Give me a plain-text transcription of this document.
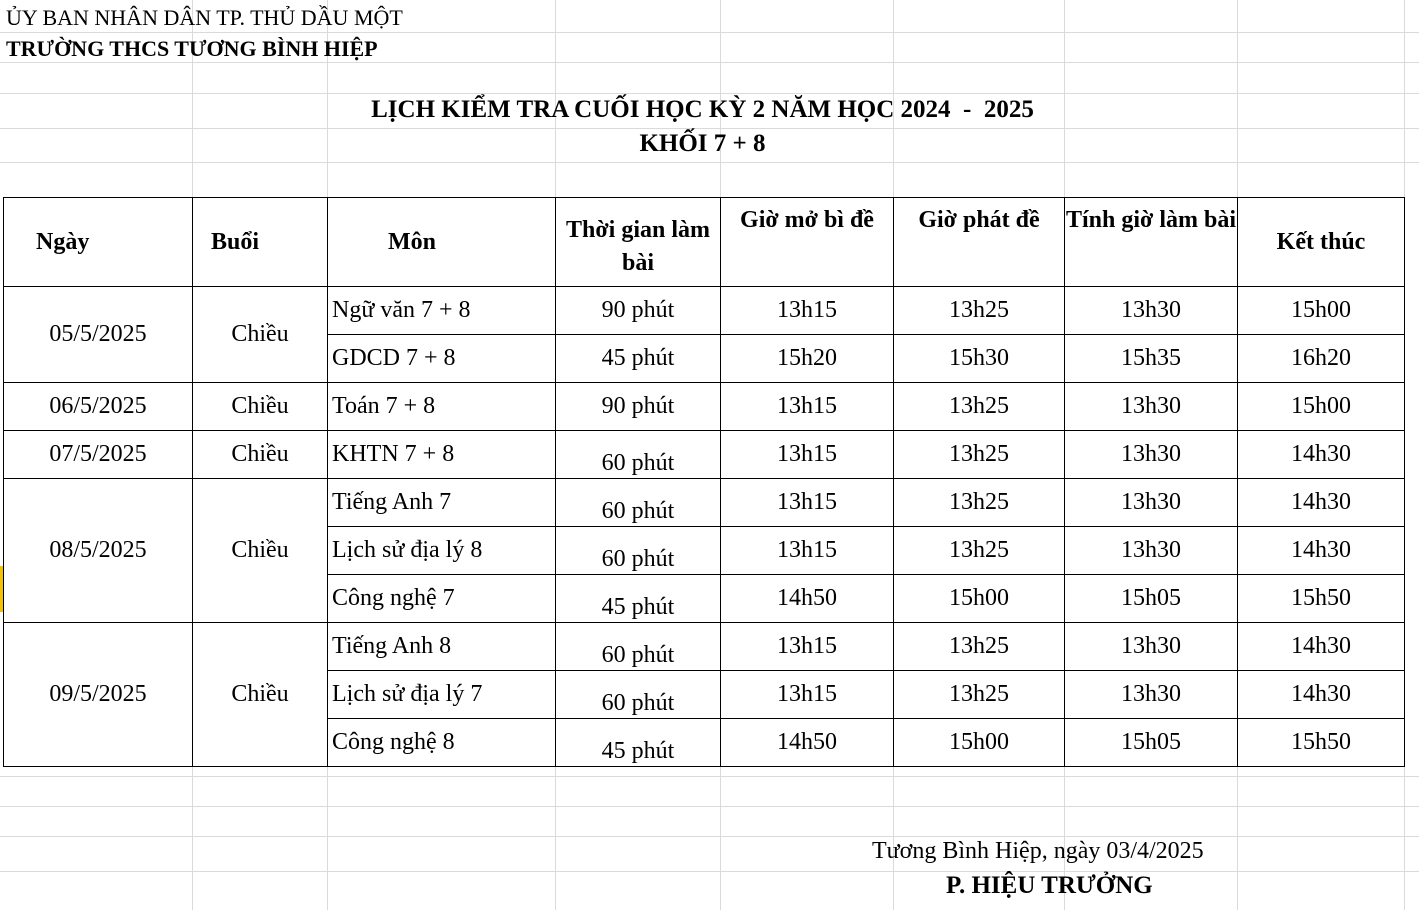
ỦY BAN NHÂN DÂN TP. THỦ DẦU MỘT
TRƯỜNG THCS TƯƠNG BÌNH HIỆP
LỊCH KIỂM TRA CUỐI HỌC KỲ 2 NĂM HỌC 2024  -  2025
KHỐI 7 + 8
Ngày	Buổi	Môn	Thời gian làm bài	Giờ mở bì đề	Giờ phát đề	Tính giờ làm bài	Kết thúc
05/5/2025	Chiều	Ngữ văn 7 + 8	90 phút	13h15	13h25	13h30	15h00
		GDCD 7 + 8	45 phút	15h20	15h30	15h35	16h20
06/5/2025	Chiều	Toán 7 + 8	90 phút	13h15	13h25	13h30	15h00
07/5/2025	Chiều	KHTN 7 + 8	60 phút	13h15	13h25	13h30	14h30
08/5/2025	Chiều	Tiếng Anh 7	60 phút	13h15	13h25	13h30	14h30
		Lịch sử địa lý 8	60 phút	13h15	13h25	13h30	14h30
		Công nghệ 7	45 phút	14h50	15h00	15h05	15h50
09/5/2025	Chiều	Tiếng Anh 8	60 phút	13h15	13h25	13h30	14h30
		Lịch sử địa lý 7	60 phút	13h15	13h25	13h30	14h30
		Công nghệ 8	45 phút	14h50	15h00	15h05	15h50
Tương Bình Hiệp, ngày 03/4/2025
P. HIỆU TRƯỞNG
